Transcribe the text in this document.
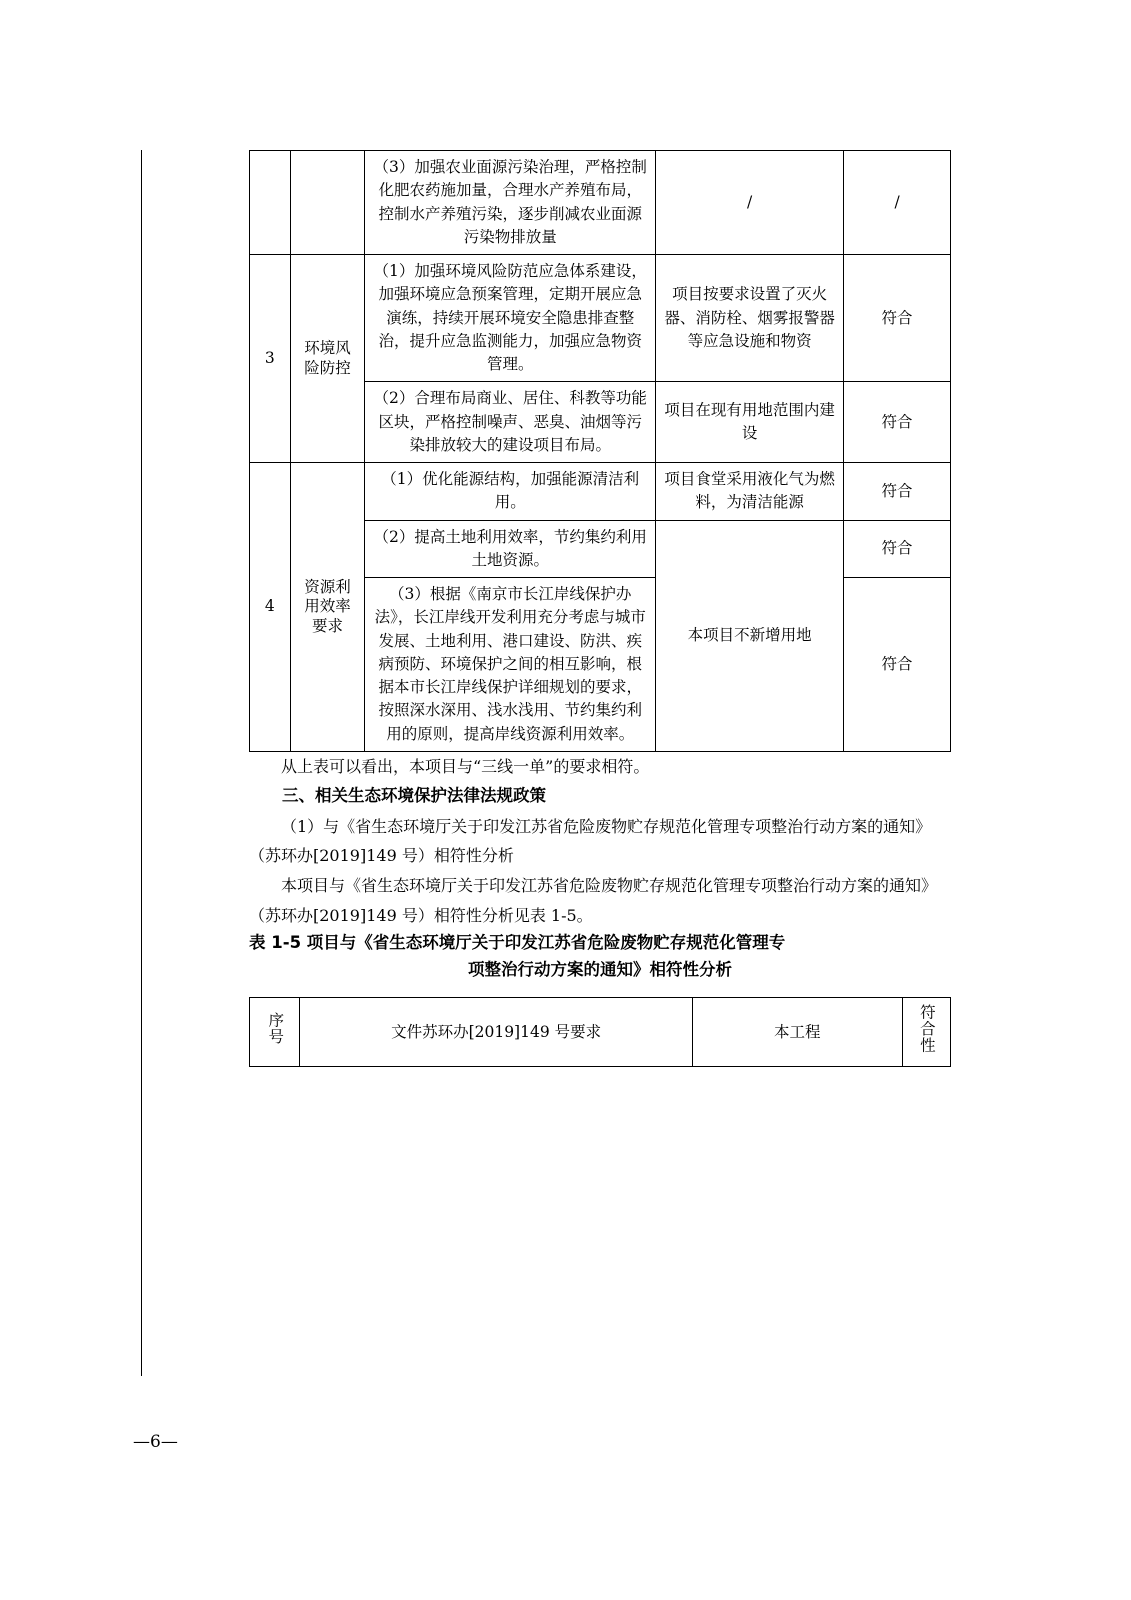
		（3）加强农业面源污染治理，严格控制化肥农药施加量，合理水产养殖布局，控制水产养殖污染，逐步削减农业面源污染物排放量	/	/
3	环境风险防控	（1）加强环境风险防范应急体系建设，加强环境应急预案管理，定期开展应急演练，持续开展环境安全隐患排查整治，提升应急监测能力，加强应急物资管理。	项目按要求设置了灭火器、消防栓、烟雾报警器等应急设施和物资	符合
		（2）合理布局商业、居住、科教等功能区块，严格控制噪声、恶臭、油烟等污染排放较大的建设项目布局。	项目在现有用地范围内建设	符合
4	资源利用效率要求	（1）优化能源结构，加强能源清洁利用。	项目食堂采用液化气为燃料，为清洁能源	符合
		（2）提高土地利用效率，节约集约利用土地资源。	本项目不新增用地	符合
		（3）根据《南京市长江岸线保护办法》，长江岸线开发利用充分考虑与城市发展、土地利用、港口建设、防洪、疾病预防、环境保护之间的相互影响，根据本市长江岸线保护详细规划的要求，按照深水深用、浅水浅用、节约集约利用的原则，提高岸线资源利用效率。		符合

从上表可以看出，本项目与“三线一单”的要求相符。

三、相关生态环境保护法律法规政策

（1）与《省生态环境厅关于印发江苏省危险废物贮存规范化管理专项整治行动方案的通知》（苏环办[2019]149 号）相符性分析

本项目与《省生态环境厅关于印发江苏省危险废物贮存规范化管理专项整治行动方案的通知》（苏环办[2019]149 号）相符性分析见表 1-5。

表 1-5 项目与《省生态环境厅关于印发江苏省危险废物贮存规范化管理专
项整治行动方案的通知》相符性分析
序号	文件苏环办[2019]149 号要求	本工程	符合性
—6—
